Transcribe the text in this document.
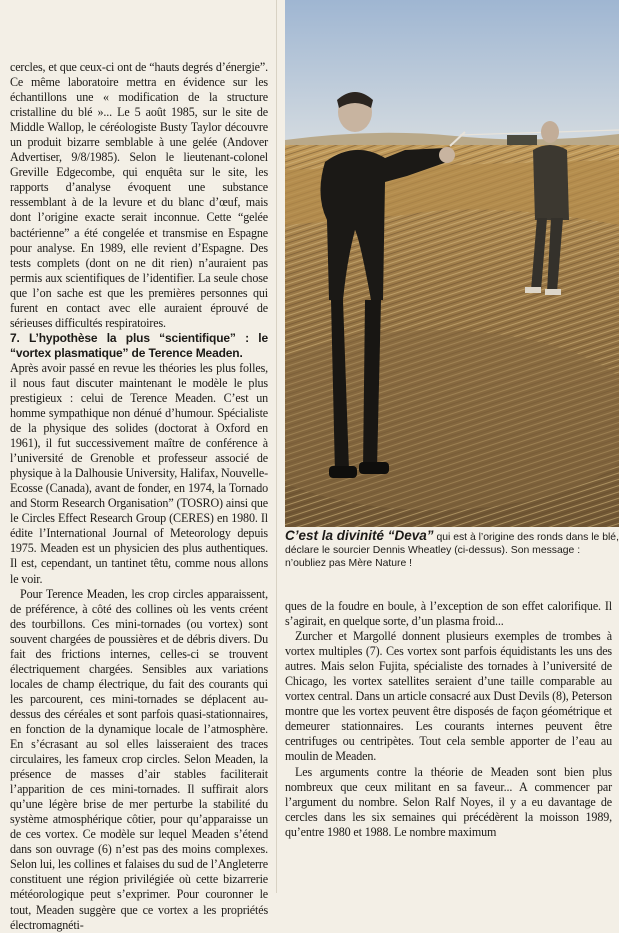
cercles, et que ceux-ci ont de “hauts degrés d’énergie”. Ce même laboratoire mettra en évidence sur les échantillons une « modification de la structure cristalline du blé »... Le 5 août 1985, sur le site de Middle Wallop, le céréologiste Busty Taylor découvre un produit bizarre semblable à une gelée (Andover Advertiser, 9/8/1985). Selon le lieutenant-colonel Greville Edgecombe, qui enquêta sur le site, les rapports d’analyse évoquent une substance ressemblant à de la levure et du blanc d’œuf, mais dont l’origine exacte serait inconnue. Cette “gelée bactérienne” a été congelée et transmise en Espagne pour analyse. En 1989, elle revient d’Espagne. Des tests complets (dont on ne dit rien) n’auraient pas permis aux scientifiques de l’identifier. La seule chose que l’on sache est que les premières personnes qui furent en contact avec elle auraient éprouvé de sérieuses difficultés respiratoires.

7. L’hypothèse la plus “scientifique” : le “vortex plasmatique” de Terence Meaden.

Après avoir passé en revue les théories les plus folles, il nous faut discuter maintenant le modèle le plus prestigieux : celui de Terence Meaden. C’est un homme sympathique non dénué d’humour. Spécialiste de la physique des solides (doctorat à Oxford en 1961), il fut successivement maître de conférence à l’université de Grenoble et professeur associé de physique à la Dalhousie University, Halifax, Nouvelle-Ecosse (Canada), avant de fonder, en 1974, la Tornado and Storm Research Organisation” (TOSRO) ainsi que le Circles Effect Research Group (CERES) en 1980. Il édite l’International Journal of Meteorology depuis 1975. Meaden est un physicien des plus authentiques. Il est, cependant, un tantinet têtu, comme nous allons le voir.

Pour Terence Meaden, les crop circles apparaissent, de préférence, à côté des collines où les vents créent des tourbillons. Ces mini-tornades (ou vortex) sont souvent chargées de poussières et de débris divers. Du fait des frictions internes, celles-ci se trouvent électriquement chargées. Sensibles aux variations locales de champ électrique, du fait des courants qui les parcourent, ces mini-tornades se déplacent au-dessus des céréales et sont parfois quasi-stationnaires, en fonction de la dynamique locale de l’atmosphère. En s’écrasant au sol elles laisseraient des traces circulaires, les fameux crop circles. Selon Meaden, la présence de masses d’air stables faciliterait l’apparition de ces mini-tornades. Il suffirait alors qu’une légère brise de mer perturbe la stabilité du système atmosphérique côtier, pour qu’apparaisse un de ces vortex. Ce modèle sur lequel Meaden s’étend dans son ouvrage (6) n’est pas des moins complexes. Selon lui, les collines et falaises du sud de l’Angleterre constituent une région privilégiée où cette bizarrerie météorologique peut s’exprimer. Pour couronner le tout, Meaden suggère que ce vortex a les propriétés électromagnéti-

C’est la divinité “Deva” qui est à l’origine des ronds dans le blé, déclare le sourcier Dennis Wheatley (ci-dessus). Son message : n’oubliez pas Mère Nature !

ques de la foudre en boule, à l’exception de son effet calorifique. Il s’agirait, en quelque sorte, d’un plasma froid...

Zurcher et Margollé donnent plusieurs exemples de trombes à vortex multiples (7). Ces vortex sont parfois équidistants les uns des autres. Mais selon Fujita, spécialiste des tornades à l’université de Chicago, les vortex satellites seraient d’une taille comparable au vortex central. Dans un article consacré aux Dust Devils (8), Peterson montre que les vortex peuvent être disposés de façon géométrique et demeurer stationnaires. Les courants internes peuvent être centrifuges ou centripètes. Tout cela semble apporter de l’eau au moulin de Meaden.

Les arguments contre la théorie de Meaden sont bien plus nombreux que ceux militant en sa faveur... A commencer par l’argument du nombre. Selon Ralf Noyes, il y a eu davantage de cercles dans les six semaines qui précédèrent la moisson 1989, qu’entre 1980 et 1988. Le nombre maximum
